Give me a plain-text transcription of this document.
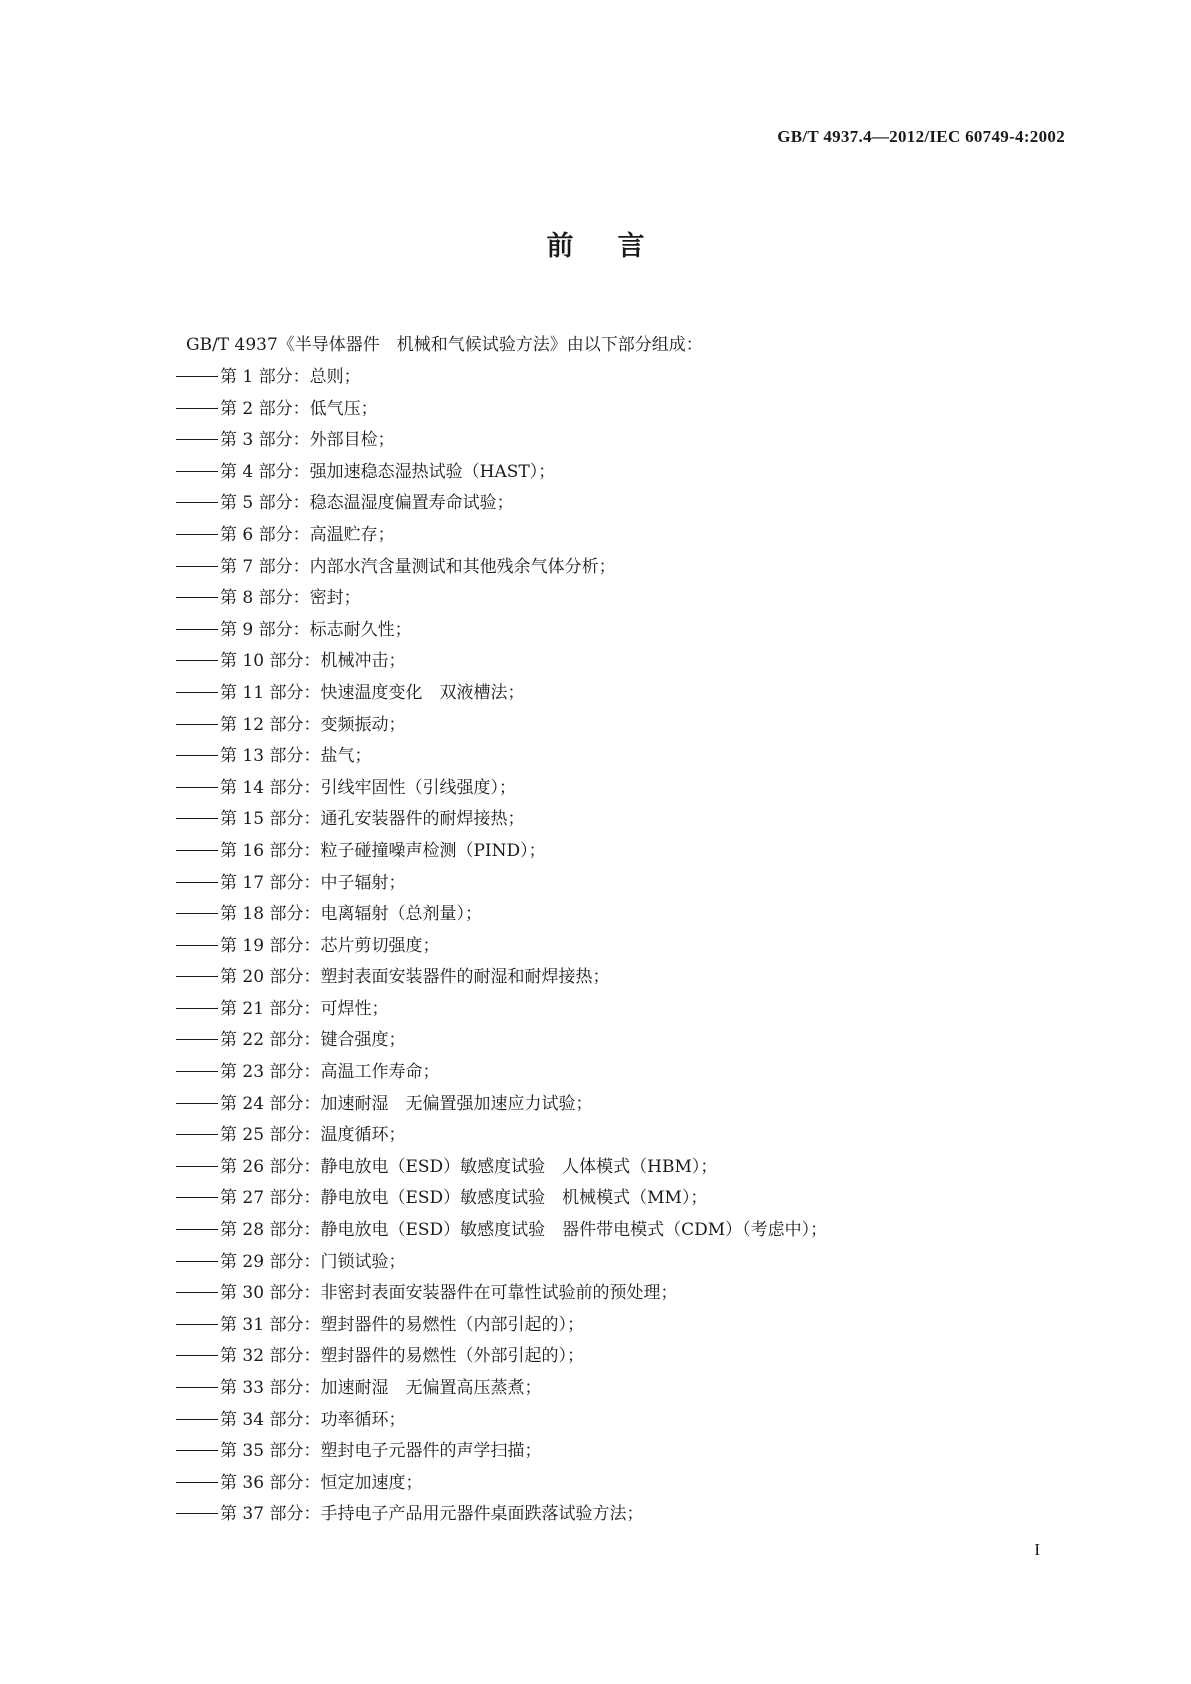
GB/T 4937.4—2012/IEC 60749-4:2002
前言
GB/T 4937《半导体器件　机械和气候试验方法》由以下部分组成：
第 1 部分：总则；
第 2 部分：低气压；
第 3 部分：外部目检；
第 4 部分：强加速稳态湿热试验（HAST）；
第 5 部分：稳态温湿度偏置寿命试验；
第 6 部分：高温贮存；
第 7 部分：内部水汽含量测试和其他残余气体分析；
第 8 部分：密封；
第 9 部分：标志耐久性；
第 10 部分：机械冲击；
第 11 部分：快速温度变化　双液槽法；
第 12 部分：变频振动；
第 13 部分：盐气；
第 14 部分：引线牢固性（引线强度）；
第 15 部分：通孔安装器件的耐焊接热；
第 16 部分：粒子碰撞噪声检测（PIND）；
第 17 部分：中子辐射；
第 18 部分：电离辐射（总剂量）；
第 19 部分：芯片剪切强度；
第 20 部分：塑封表面安装器件的耐湿和耐焊接热；
第 21 部分：可焊性；
第 22 部分：键合强度；
第 23 部分：高温工作寿命；
第 24 部分：加速耐湿　无偏置强加速应力试验；
第 25 部分：温度循环；
第 26 部分：静电放电（ESD）敏感度试验　人体模式（HBM）；
第 27 部分：静电放电（ESD）敏感度试验　机械模式（MM）；
第 28 部分：静电放电（ESD）敏感度试验　器件带电模式（CDM）（考虑中）；
第 29 部分：门锁试验；
第 30 部分：非密封表面安装器件在可靠性试验前的预处理；
第 31 部分：塑封器件的易燃性（内部引起的）；
第 32 部分：塑封器件的易燃性（外部引起的）；
第 33 部分：加速耐湿　无偏置高压蒸煮；
第 34 部分：功率循环；
第 35 部分：塑封电子元器件的声学扫描；
第 36 部分：恒定加速度；
第 37 部分：手持电子产品用元器件桌面跌落试验方法；
I
